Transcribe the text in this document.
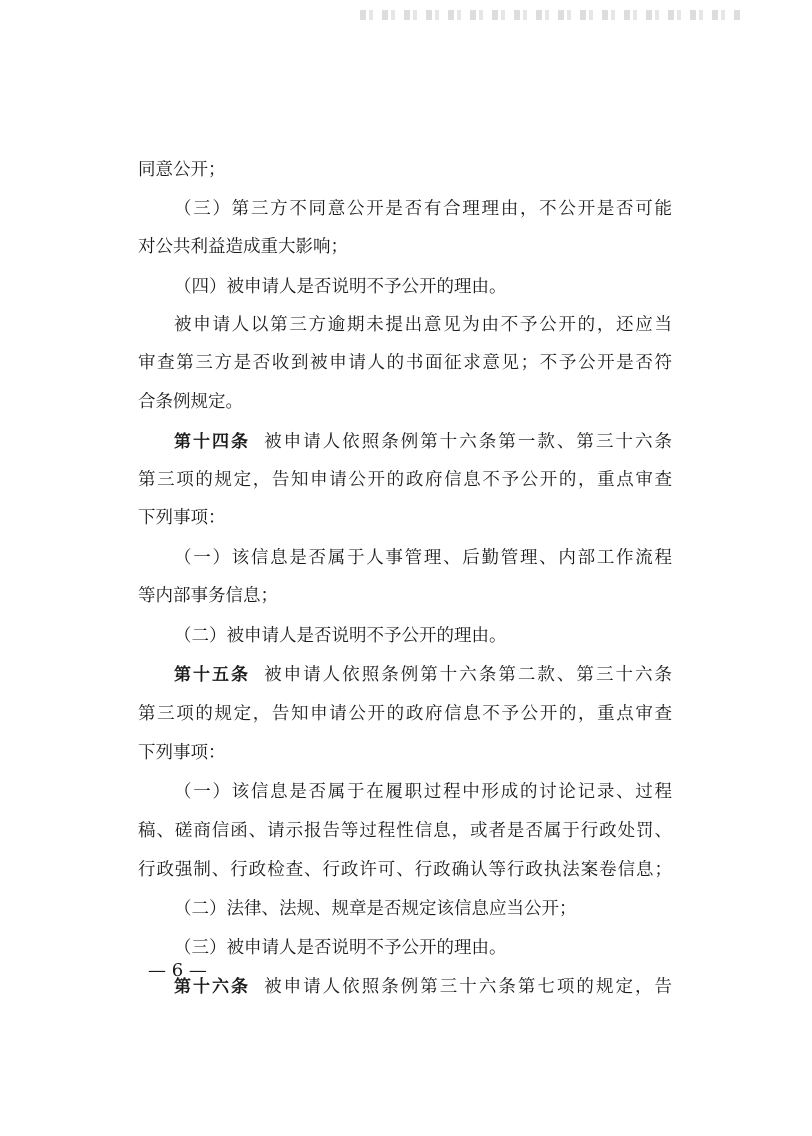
同意公开；
（三）第三方不同意公开是否有合理理由，不公开是否可能
对公共利益造成重大影响；
（四）被申请人是否说明不予公开的理由。
被申请人以第三方逾期未提出意见为由不予公开的，还应当
审查第三方是否收到被申请人的书面征求意见；不予公开是否符
合条例规定。
第十四条 被申请人依照条例第十六条第一款、第三十六条
第三项的规定，告知申请公开的政府信息不予公开的，重点审查
下列事项：
（一）该信息是否属于人事管理、后勤管理、内部工作流程
等内部事务信息；
（二）被申请人是否说明不予公开的理由。
第十五条 被申请人依照条例第十六条第二款、第三十六条
第三项的规定，告知申请公开的政府信息不予公开的，重点审查
下列事项：
（一）该信息是否属于在履职过程中形成的讨论记录、过程
稿、磋商信函、请示报告等过程性信息，或者是否属于行政处罚、
行政强制、行政检查、行政许可、行政确认等行政执法案卷信息；
（二）法律、法规、规章是否规定该信息应当公开；
（三）被申请人是否说明不予公开的理由。
第十六条 被申请人依照条例第三十六条第七项的规定，告
— 6 —
